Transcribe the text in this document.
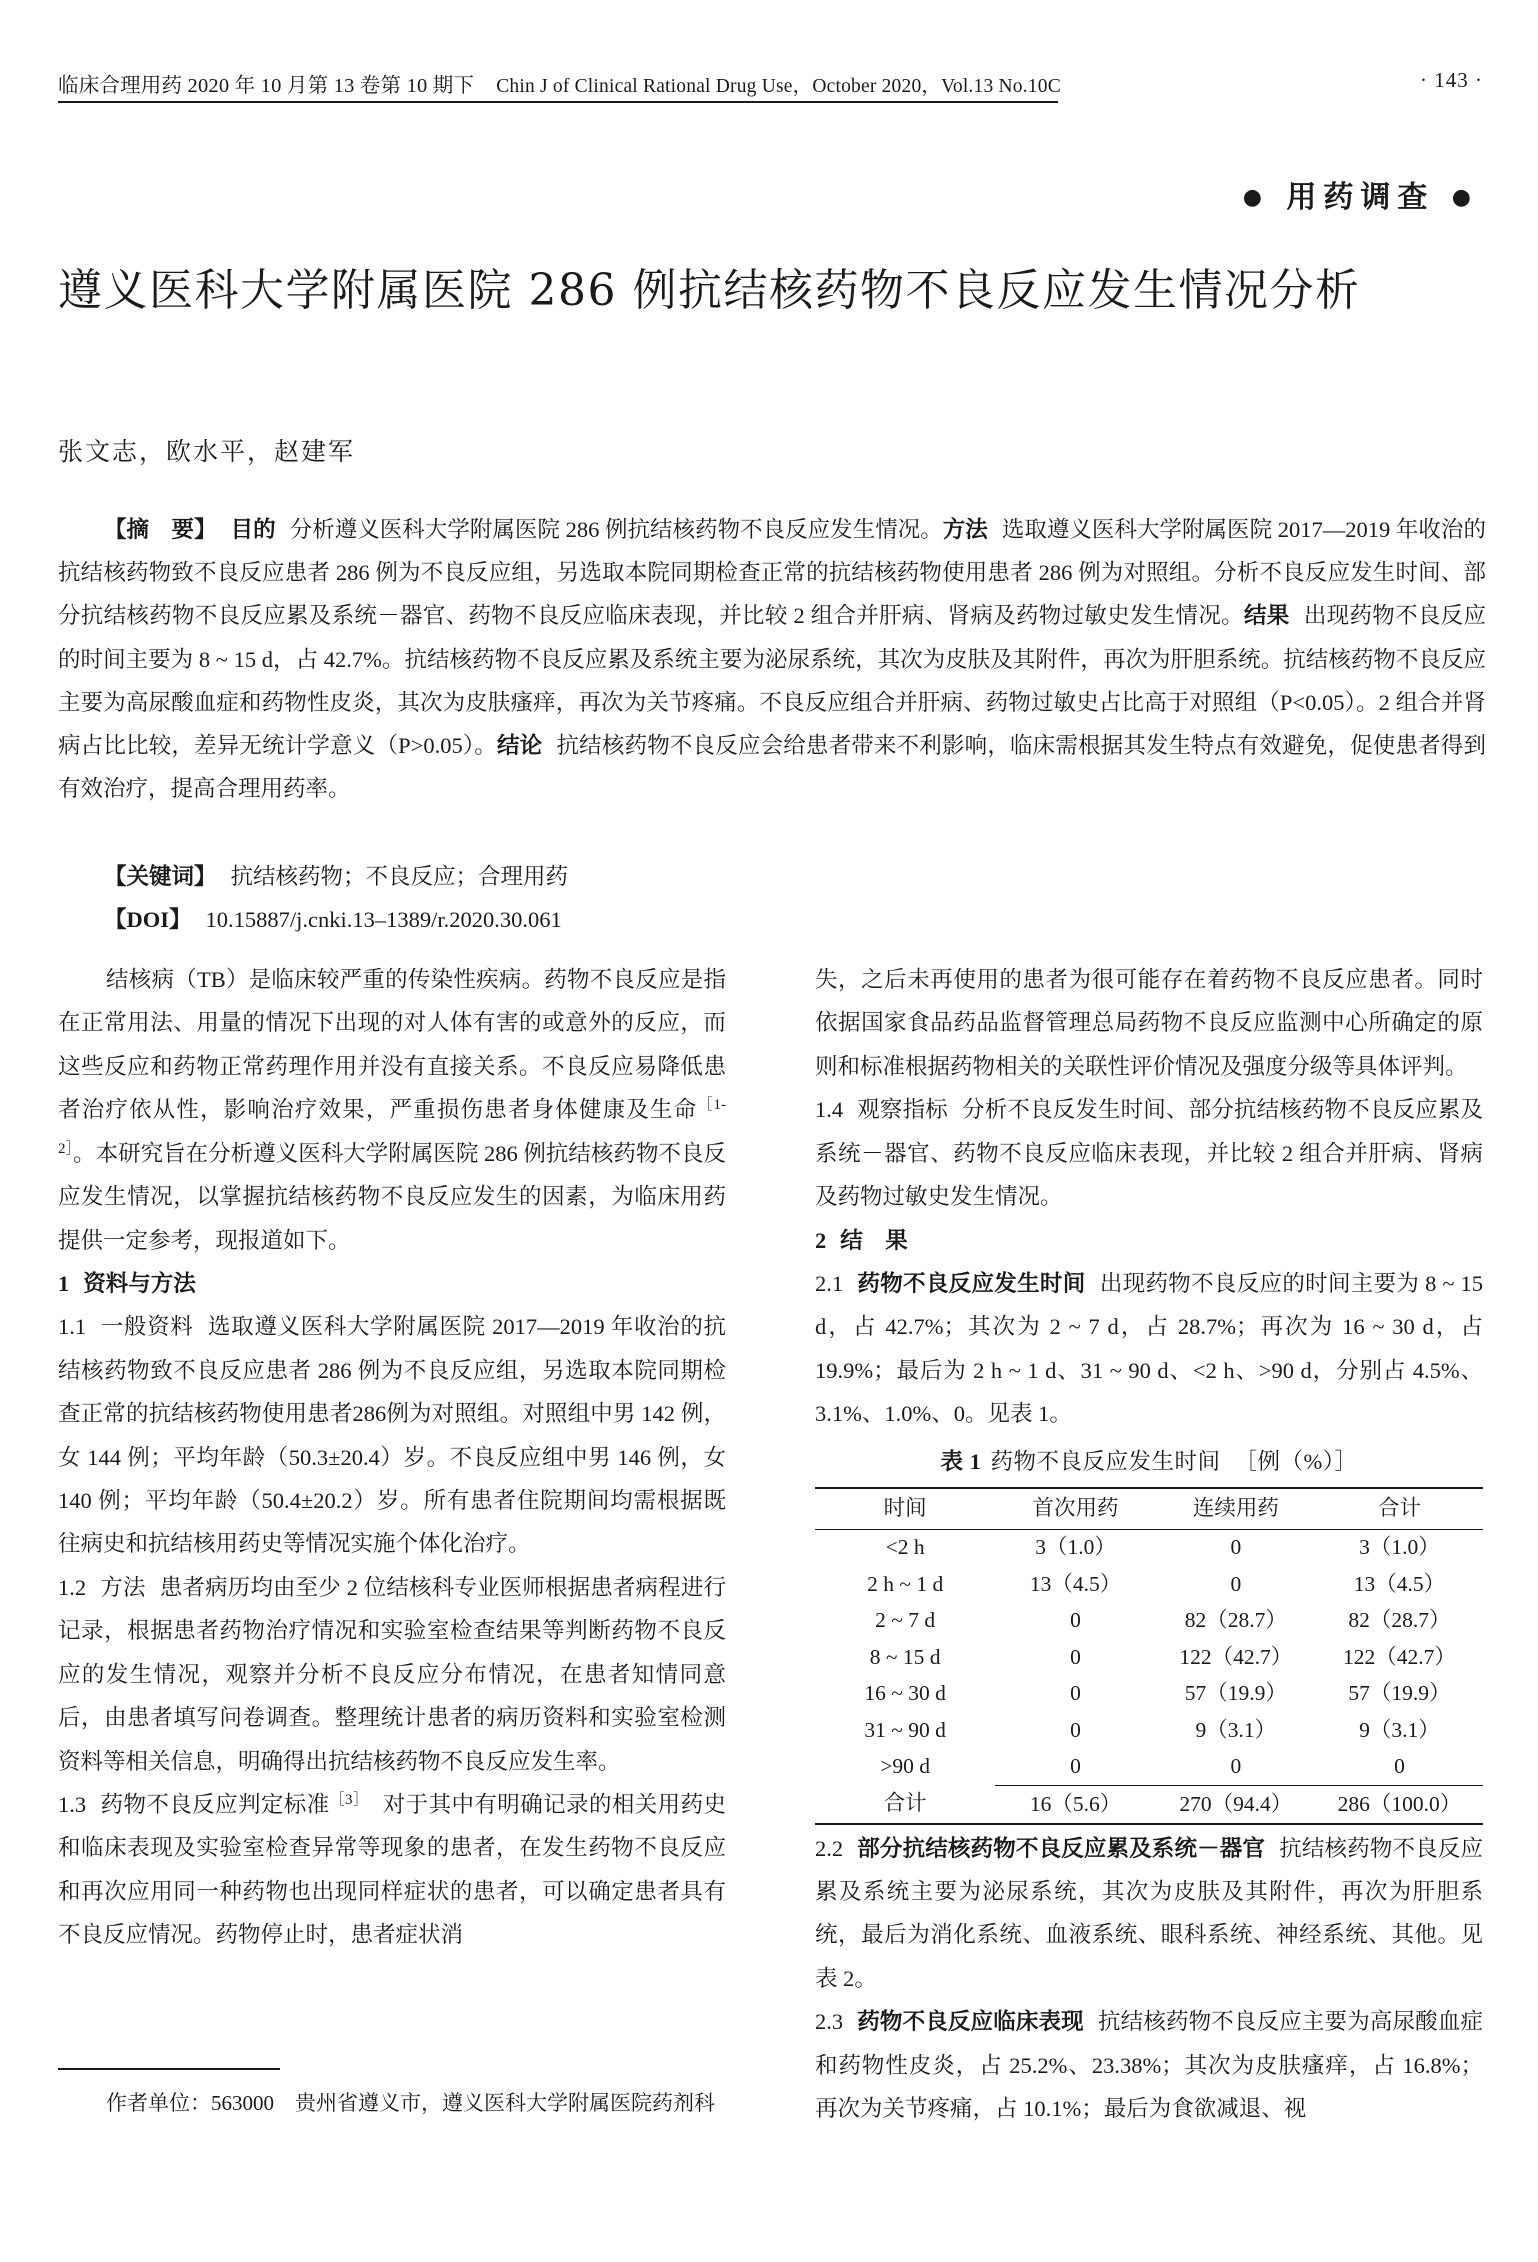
临床合理用药 2020 年 10 月第 13 卷第 10 期下 Chin J of Clinical Rational Drug Use，October 2020，Vol.13 No.10C	· 143 ·
● 用药调查 ●
遵义医科大学附属医院 286 例抗结核药物不良反应发生情况分析
张文志，欧水平，赵建军

【摘　要】 目的 分析遵义医科大学附属医院 286 例抗结核药物不良反应发生情况。方法 选取遵义医科大学附属医院 2017—2019 年收治的抗结核药物致不良反应患者 286 例为不良反应组，另选取本院同期检查正常的抗结核药物使用患者 286 例为对照组。分析不良反应发生时间、部分抗结核药物不良反应累及系统－器官、药物不良反应临床表现，并比较 2 组合并肝病、肾病及药物过敏史发生情况。结果 出现药物不良反应的时间主要为 8 ~ 15 d，占 42.7%。抗结核药物不良反应累及系统主要为泌尿系统，其次为皮肤及其附件，再次为肝胆系统。抗结核药物不良反应主要为高尿酸血症和药物性皮炎，其次为皮肤瘙痒，再次为关节疼痛。不良反应组合并肝病、药物过敏史占比高于对照组（P<0.05）。2 组合并肾病占比比较，差异无统计学意义（P>0.05）。结论 抗结核药物不良反应会给患者带来不利影响，临床需根据其发生特点有效避免，促使患者得到有效治疗，提高合理用药率。

【关键词】 抗结核药物；不良反应；合理用药
【DOI】 10.15887/j.cnki.13–1389/r.2020.30.061

结核病（TB）是临床较严重的传染性疾病。药物不良反应是指在正常用法、用量的情况下出现的对人体有害的或意外的反应，而这些反应和药物正常药理作用并没有直接关系。不良反应易降低患者治疗依从性，影响治疗效果，严重损伤患者身体健康及生命$^{[1-2]}$。本研究旨在分析遵义医科大学附属医院 286 例抗结核药物不良反应发生情况，以掌握抗结核药物不良反应发生的因素，为临床用药提供一定参考，现报道如下。

1 资料与方法

1.1 一般资料 选取遵义医科大学附属医院 2017—2019 年收治的抗结核药物致不良反应患者 286 例为不良反应组，另选取本院同期检查正常的抗结核药物使用患者286例为对照组。对照组中男 142 例，女 144 例；平均年龄（50.3±20.4）岁。不良反应组中男 146 例，女 140 例；平均年龄（50.4±20.2）岁。所有患者住院期间均需根据既往病史和抗结核用药史等情况实施个体化治疗。

1.2 方法 患者病历均由至少 2 位结核科专业医师根据患者病程进行记录，根据患者药物治疗情况和实验室检查结果等判断药物不良反应的发生情况，观察并分析不良反应分布情况，在患者知情同意后，由患者填写问卷调查。整理统计患者的病历资料和实验室检测资料等相关信息，明确得出抗结核药物不良反应发生率。

1.3 药物不良反应判定标准$^{[3]}$ 对于其中有明确记录的相关用药史和临床表现及实验室检查异常等现象的患者，在发生药物不良反应和再次应用同一种药物也出现同样症状的患者，可以确定患者具有不良反应情况。药物停止时，患者症状消

失，之后未再使用的患者为很可能存在着药物不良反应患者。同时依据国家食品药品监督管理总局药物不良反应监测中心所确定的原则和标准根据药物相关的关联性评价情况及强度分级等具体评判。

1.4 观察指标 分析不良反发生时间、部分抗结核药物不良反应累及系统－器官、药物不良反应临床表现，并比较 2 组合并肝病、肾病及药物过敏史发生情况。

2 结　果

2.1 药物不良反应发生时间 出现药物不良反应的时间主要为 8 ~ 15 d，占 42.7%；其次为 2 ~ 7 d，占 28.7%；再次为 16 ~ 30 d，占 19.9%；最后为 2 h ~ 1 d、31 ~ 90 d、<2 h、>90 d，分别占 4.5%、3.1%、1.0%、0。见表 1。

表 1 药物不良反应发生时间 ［例（%）］
时间	首次用药	连续用药	合计
<2 h	3（1.0）	0	3（1.0）
2 h ~ 1 d	13（4.5）	0	13（4.5）
2 ~ 7 d	0	82（28.7）	82（28.7）
8 ~ 15 d	0	122（42.7）	122（42.7）
16 ~ 30 d	0	57（19.9）	57（19.9）
31 ~ 90 d	0	9（3.1）	9（3.1）
>90 d	0	0	0
合计	16（5.6）	270（94.4）	286（100.0）

2.2 部分抗结核药物不良反应累及系统－器官 抗结核药物不良反应累及系统主要为泌尿系统，其次为皮肤及其附件，再次为肝胆系统，最后为消化系统、血液系统、眼科系统、神经系统、其他。见表 2。

2.3 药物不良反应临床表现 抗结核药物不良反应主要为高尿酸血症和药物性皮炎，占 25.2%、23.38%；其次为皮肤瘙痒，占 16.8%；再次为关节疼痛，占 10.1%；最后为食欲减退、视

作者单位：563000　贵州省遵义市，遵义医科大学附属医院药剂科
